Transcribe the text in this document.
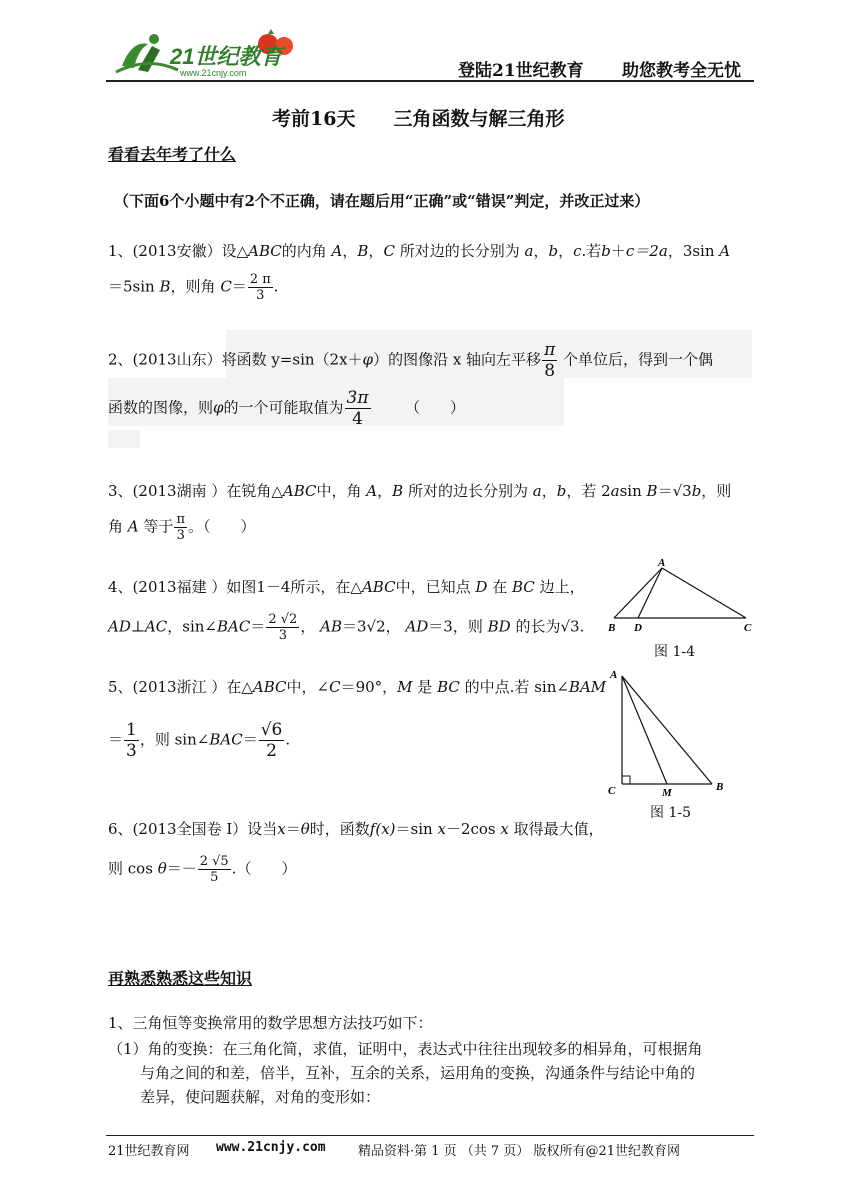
21世纪教育
www.21cnjy.com	登陆21世纪教育 助您教考全无忧
考前16天　　三角函数与解三角形
看看去年考了什么
（下面6个小题中有2个不正确，请在题后用“正确”或“错误”判定，并改正过来）
1、(2013安徽）设△ABC的内角 A，B，C 所对边的长分别为 a，b，c.若b＋c＝2a，3sin A
＝5sin B，则角 $C= \frac{2 \pi}{3}$ .
2、(2013山东）将函数 y=sin（2x＋φ）的图像沿 x 轴向左平移 $\frac{\pi}{8}$ 个单位后，得到一个偶
函数的图像，则φ的一个可能取值为 $\frac{3\pi}{4}$ （　　）
3、(2013湖南 ）在锐角△ABC中，角 A，B 所对的边长分别为 a，b，若 2asin B＝√3b，则
角 A 等于 $\frac{\pi}{3}$ 。（　　）
4、(2013福建 ）如图1－4所示，在△ABC中，已知点 D 在 BC 边上，
AD⊥AC，sin∠BAC＝ $\frac{2 √2}{3}$ ， AB＝3√2， AD＝3，则 BD 的长为√3.
A
B D	C
图 1-4
5、(2013浙江 ）在△ABC中，∠C＝90°，M 是 BC 的中点.若 sin∠BAM
＝ $\frac{1}{3}$ ，则 sin∠BAC＝ $\frac{√6}{2}$ .
A
C	M	B
图 1-5
6、(2013全国卷 I）设当x＝θ时，函数f(x)＝sin x－2cos x 取得最大值，
则 $\cos \theta=- \frac{2 √5}{5}$ .（　　）
再熟悉熟悉这些知识
1、三角恒等变换常用的数学思想方法技巧如下：
（1）角的变换：在三角化简，求值，证明中，表达式中往往出现较多的相异角，可根据角
与角之间的和差，倍半，互补，互余的关系，运用角的变换，沟通条件与结论中角的
差异，使问题获解，对角的变形如：
21世纪教育网 www.21cnjy.com 精品资料·第 1 页 （共 7 页） 版权所有@21世纪教育网
